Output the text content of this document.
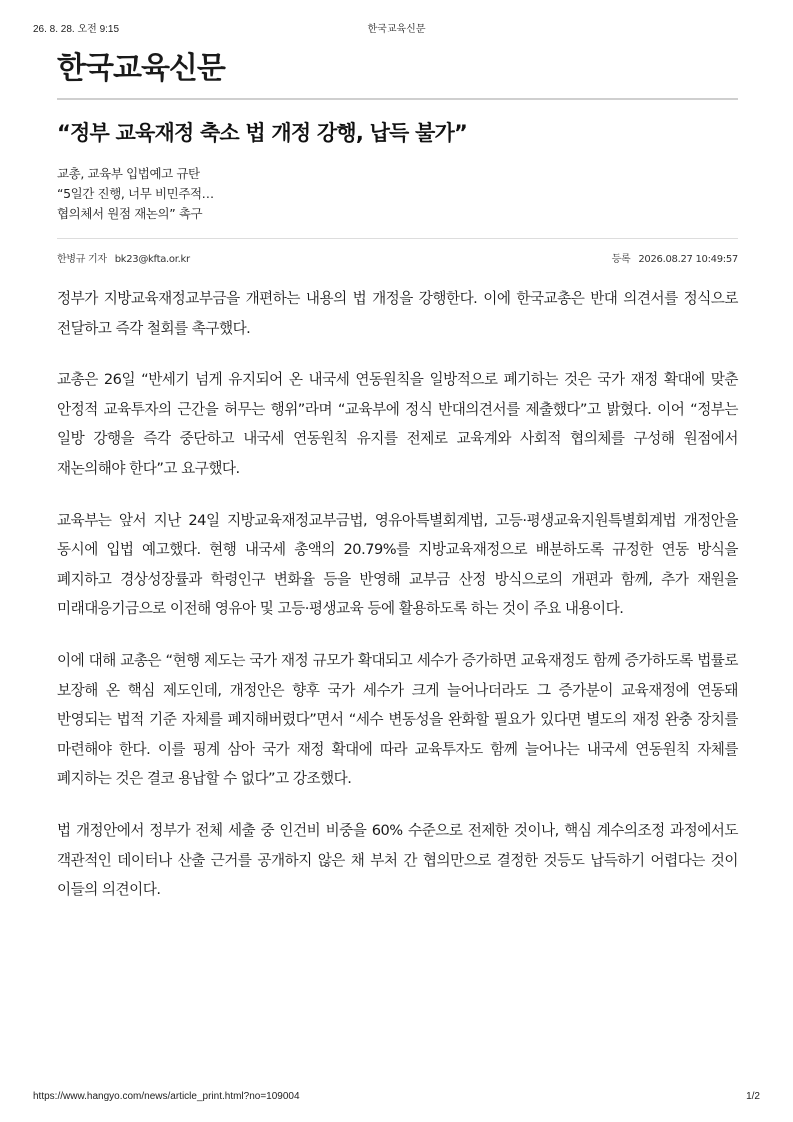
26. 8. 28. 오전 9:15	한국교육신문
한국교육신문
“정부 교육재정 축소 법 개정 강행, 납득 불가”
교총, 교육부 입법예고 규탄
“5일간 진행, 너무 비민주적…
협의체서 원점 재논의” 촉구
한병규 기자 bk23@kfta.or.kr	등록 2026.08.27 10:49:57

정부가 지방교육재정교부금을 개편하는 내용의 법 개정을 강행한다. 이에 한국교총은 반대 의견서를 정식으로 전달하고 즉각 철회를 촉구했다.

교총은 26일 “반세기 넘게 유지되어 온 내국세 연동원칙을 일방적으로 폐기하는 것은 국가 재정 확대에 맞춘 안정적 교육투자의 근간을 허무는 행위”라며 “교육부에 정식 반대의견서를 제출했다”고 밝혔다. 이어 “정부는 일방 강행을 즉각 중단하고 내국세 연동원칙 유지를 전제로 교육계와 사회적 협의체를 구성해 원점에서 재논의해야 한다”고 요구했다.

교육부는 앞서 지난 24일 지방교육재정교부금법, 영유아특별회계법, 고등·평생교육지원특별회계법 개정안을 동시에 입법 예고했다. 현행 내국세 총액의 20.79%를 지방교육재정으로 배분하도록 규정한 연동 방식을 폐지하고 경상성장률과 학령인구 변화율 등을 반영해 교부금 산정 방식으로의 개편과 함께, 추가 재원을 미래대응기금으로 이전해 영유아 및 고등·평생교육 등에 활용하도록 하는 것이 주요 내용이다.

이에 대해 교총은 “현행 제도는 국가 재정 규모가 확대되고 세수가 증가하면 교육재정도 함께 증가하도록 법률로 보장해 온 핵심 제도인데, 개정안은 향후 국가 세수가 크게 늘어나더라도 그 증가분이 교육재정에 연동돼 반영되는 법적 기준 자체를 폐지해버렸다”면서 “세수 변동성을 완화할 필요가 있다면 별도의 재정 완충 장치를 마련해야 한다. 이를 핑계 삼아 국가 재정 확대에 따라 교육투자도 함께 늘어나는 내국세 연동원칙 자체를 폐지하는 것은 결코 용납할 수 없다”고 강조했다.

법 개정안에서 정부가 전체 세출 중 인건비 비중을 60% 수준으로 전제한 것이나, 핵심 계수의조정 과정에서도 객관적인 데이터나 산출 근거를 공개하지 않은 채 부처 간 협의만으로 결정한 것등도 납득하기 어렵다는 것이 이들의 의견이다.

https://www.hangyo.com/news/article_print.html?no=109004	1/2
